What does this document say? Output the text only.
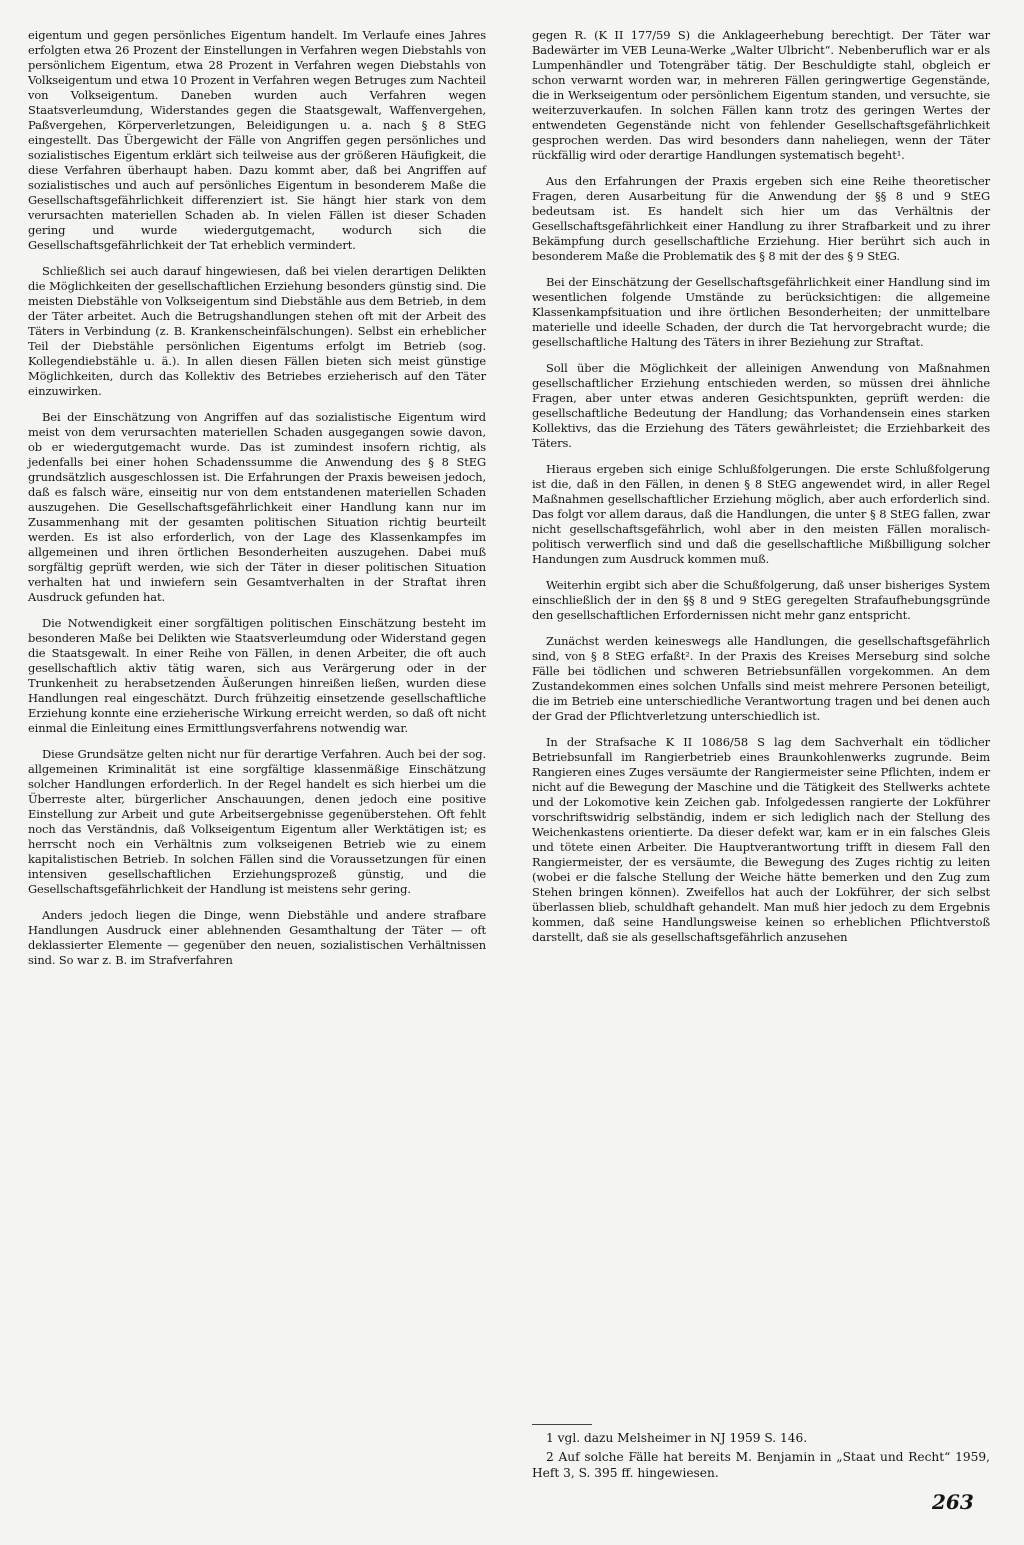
eigentum und gegen persönliches Eigentum handelt. Im Verlaufe eines Jahres erfolgten etwa 26 Prozent der Einstellungen in Verfahren wegen Diebstahls von persönlichem Eigentum, etwa 28 Prozent in Verfahren wegen Diebstahls von Volkseigentum und etwa 10 Prozent in Verfahren wegen Betruges zum Nachteil von Volkseigentum. Daneben wurden auch Verfahren wegen Staatsverleumdung, Widerstandes gegen die Staatsgewalt, Waffenvergehen, Paßvergehen, Körperverletzungen, Beleidigungen u. a. nach § 8 StEG eingestellt. Das Übergewicht der Fälle von Angriffen gegen persönliches und sozialistisches Eigentum erklärt sich teilweise aus der größeren Häufigkeit, die diese Verfahren überhaupt haben. Dazu kommt aber, daß bei Angriffen auf sozialistisches und auch auf persönliches Eigentum in besonderem Maße die Gesellschaftsgefährlichkeit differenziert ist. Sie hängt hier stark von dem verursachten materiellen Schaden ab. In vielen Fällen ist dieser Schaden gering und wurde wiedergutgemacht, wodurch sich die Gesellschaftsgefährlichkeit der Tat erheblich vermindert.

Schließlich sei auch darauf hingewiesen, daß bei vielen derartigen Delikten die Möglichkeiten der gesellschaftlichen Erziehung besonders günstig sind. Die meisten Diebstähle von Volkseigentum sind Diebstähle aus dem Betrieb, in dem der Täter arbeitet. Auch die Betrugshandlungen stehen oft mit der Arbeit des Täters in Verbindung (z. B. Krankenscheinfälschungen). Selbst ein erheblicher Teil der Diebstähle persönlichen Eigentums erfolgt im Betrieb (sog. Kollegendiebstähle u. ä.). In allen diesen Fällen bieten sich meist günstige Möglichkeiten, durch das Kollektiv des Betriebes erzieherisch auf den Täter einzuwirken.

Bei der Einschätzung von Angriffen auf das sozialistische Eigentum wird meist von dem verursachten materiellen Schaden ausgegangen sowie davon, ob er wiedergutgemacht wurde. Das ist zumindest insofern richtig, als jedenfalls bei einer hohen Schadenssumme die Anwendung des § 8 StEG grundsätzlich ausgeschlossen ist. Die Erfahrungen der Praxis beweisen jedoch, daß es falsch wäre, einseitig nur von dem entstandenen materiellen Schaden auszugehen. Die Gesellschaftsgefährlichkeit einer Handlung kann nur im Zusammenhang mit der gesamten politischen Situation richtig beurteilt werden. Es ist also erforderlich, von der Lage des Klassenkampfes im allgemeinen und ihren örtlichen Besonderheiten auszugehen. Dabei muß sorgfältig geprüft werden, wie sich der Täter in dieser politischen Situation verhalten hat und inwiefern sein Gesamtverhalten in der Straftat ihren Ausdruck gefunden hat.

Die Notwendigkeit einer sorgfältigen politischen Einschätzung besteht im besonderen Maße bei Delikten wie Staatsverleumdung oder Widerstand gegen die Staatsgewalt. In einer Reihe von Fällen, in denen Arbeiter, die oft auch gesellschaftlich aktiv tätig waren, sich aus Verärgerung oder in der Trunkenheit zu herabsetzenden Äußerungen hinreißen ließen, wurden diese Handlungen real eingeschätzt. Durch frühzeitig einsetzende gesellschaftliche Erziehung konnte eine erzieherische Wirkung erreicht werden, so daß oft nicht einmal die Einleitung eines Ermittlungsverfahrens notwendig war.

Diese Grundsätze gelten nicht nur für derartige Verfahren. Auch bei der sog. allgemeinen Kriminalität ist eine sorgfältige klassenmäßige Einschätzung solcher Handlungen erforderlich. In der Regel handelt es sich hierbei um die Überreste alter, bürgerlicher Anschauungen, denen jedoch eine positive Einstellung zur Arbeit und gute Arbeitsergebnisse gegenüberstehen. Oft fehlt noch das Verständnis, daß Volkseigentum Eigentum aller Werktätigen ist; es herrscht noch ein Verhältnis zum volkseigenen Betrieb wie zu einem kapitalistischen Betrieb. In solchen Fällen sind die Voraussetzungen für einen intensiven gesellschaftlichen Erziehungsprozeß günstig, und die Gesellschaftsgefährlichkeit der Handlung ist meistens sehr gering.

Anders jedoch liegen die Dinge, wenn Diebstähle und andere strafbare Handlungen Ausdruck einer ablehnenden Gesamthaltung der Täter — oft deklassierter Elemente — gegenüber den neuen, sozialistischen Verhältnissen sind. So war z. B. im Strafverfahren

gegen R. (K II 177/59 S) die Anklageerhebung berechtigt. Der Täter war Badewärter im VEB Leuna-Werke „Walter Ulbricht“. Nebenberuflich war er als Lumpenhändler und Totengräber tätig. Der Beschuldigte stahl, obgleich er schon verwarnt worden war, in mehreren Fällen geringwertige Gegenstände, die in Werkseigentum oder persönlichem Eigentum standen, und versuchte, sie weiterzuverkaufen. In solchen Fällen kann trotz des geringen Wertes der entwendeten Gegenstände nicht von fehlender Gesellschaftsgefährlichkeit gesprochen werden. Das wird besonders dann naheliegen, wenn der Täter rückfällig wird oder derartige Handlungen systematisch begeht¹.

Aus den Erfahrungen der Praxis ergeben sich eine Reihe theoretischer Fragen, deren Ausarbeitung für die Anwendung der §§ 8 und 9 StEG bedeutsam ist. Es handelt sich hier um das Verhältnis der Gesellschaftsgefährlichkeit einer Handlung zu ihrer Strafbarkeit und zu ihrer Bekämpfung durch gesellschaftliche Erziehung. Hier berührt sich auch in besonderem Maße die Problematik des § 8 mit der des § 9 StEG.

Bei der Einschätzung der Gesellschaftsgefährlichkeit einer Handlung sind im wesentlichen folgende Umstände zu berücksichtigen: die allgemeine Klassenkampfsituation und ihre örtlichen Besonderheiten; der unmittelbare materielle und ideelle Schaden, der durch die Tat hervorgebracht wurde; die gesellschaftliche Haltung des Täters in ihrer Beziehung zur Straftat.

Soll über die Möglichkeit der alleinigen Anwendung von Maßnahmen gesellschaftlicher Erziehung entschieden werden, so müssen drei ähnliche Fragen, aber unter etwas anderen Gesichtspunkten, geprüft werden: die gesellschaftliche Bedeutung der Handlung; das Vorhandensein eines starken Kollektivs, das die Erziehung des Täters gewährleistet; die Erziehbarkeit des Täters.

Hieraus ergeben sich einige Schlußfolgerungen. Die erste Schlußfolgerung ist die, daß in den Fällen, in denen § 8 StEG angewendet wird, in aller Regel Maßnahmen gesellschaftlicher Erziehung möglich, aber auch erforderlich sind. Das folgt vor allem daraus, daß die Handlungen, die unter § 8 StEG fallen, zwar nicht gesellschaftsgefährlich, wohl aber in den meisten Fällen moralisch-politisch verwerflich sind und daß die gesellschaftliche Mißbilligung solcher Handungen zum Ausdruck kommen muß.

Weiterhin ergibt sich aber die Schußfolgerung, daß unser bisheriges System einschließlich der in den §§ 8 und 9 StEG geregelten Strafaufhebungsgründe den gesellschaftlichen Erfordernissen nicht mehr ganz entspricht.

Zunächst werden keineswegs alle Handlungen, die gesellschaftsgefährlich sind, von § 8 StEG erfaßt². In der Praxis des Kreises Merseburg sind solche Fälle bei tödlichen und schweren Betriebsunfällen vorgekommen. An dem Zustandekommen eines solchen Unfalls sind meist mehrere Personen beteiligt, die im Betrieb eine unterschiedliche Verantwortung tragen und bei denen auch der Grad der Pflichtverletzung unterschiedlich ist.

In der Strafsache K II 1086/58 S lag dem Sachverhalt ein tödlicher Betriebsunfall im Rangierbetrieb eines Braunkohlenwerks zugrunde. Beim Rangieren eines Zuges versäumte der Rangiermeister seine Pflichten, indem er nicht auf die Bewegung der Maschine und die Tätigkeit des Stellwerks achtete und der Lokomotive kein Zeichen gab. Infolgedessen rangierte der Lokführer vorschriftswidrig selbständig, indem er sich lediglich nach der Stellung des Weichenkastens orientierte. Da dieser defekt war, kam er in ein falsches Gleis und tötete einen Arbeiter. Die Hauptverantwortung trifft in diesem Fall den Rangiermeister, der es versäumte, die Bewegung des Zuges richtig zu leiten (wobei er die falsche Stellung der Weiche hätte bemerken und den Zug zum Stehen bringen können). Zweifellos hat auch der Lokführer, der sich selbst überlassen blieb, schuldhaft gehandelt. Man muß hier jedoch zu dem Ergebnis kommen, daß seine Handlungsweise keinen so erheblichen Pflichtverstoß darstellt, daß sie als gesellschaftsgefährlich anzusehen

1 vgl. dazu Melsheimer in NJ 1959 S. 146.

2 Auf solche Fälle hat bereits M. Benjamin in „Staat und Recht“ 1959, Heft 3, S. 395 ff. hingewiesen.

263
